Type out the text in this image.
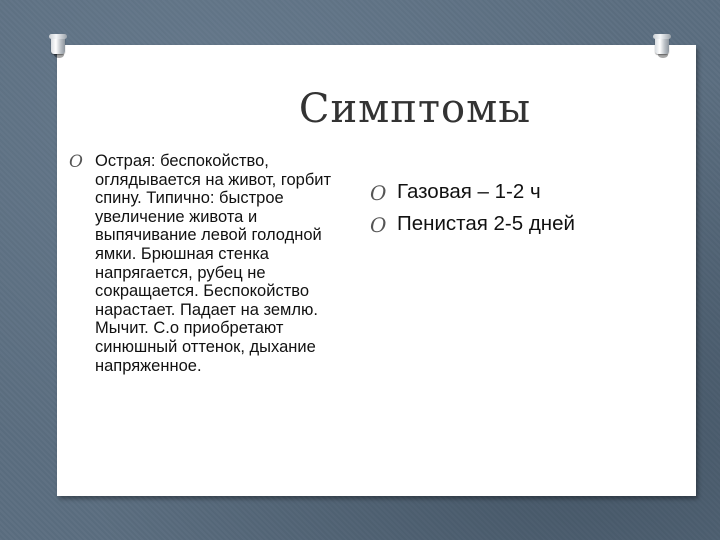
Симптомы
O Острая: беспокойство, оглядывается на живот, горбит спину. Типично: быстрое увеличение живота и выпячивание левой голодной ямки. Брюшная стенка напрягается, рубец не сокращается. Беспокойство нарастает. Падает на землю. Мычит. С.о приобретают синюшный оттенок, дыхание напряженное.
O Газовая – 1-2 ч
O Пенистая 2-5 дней
